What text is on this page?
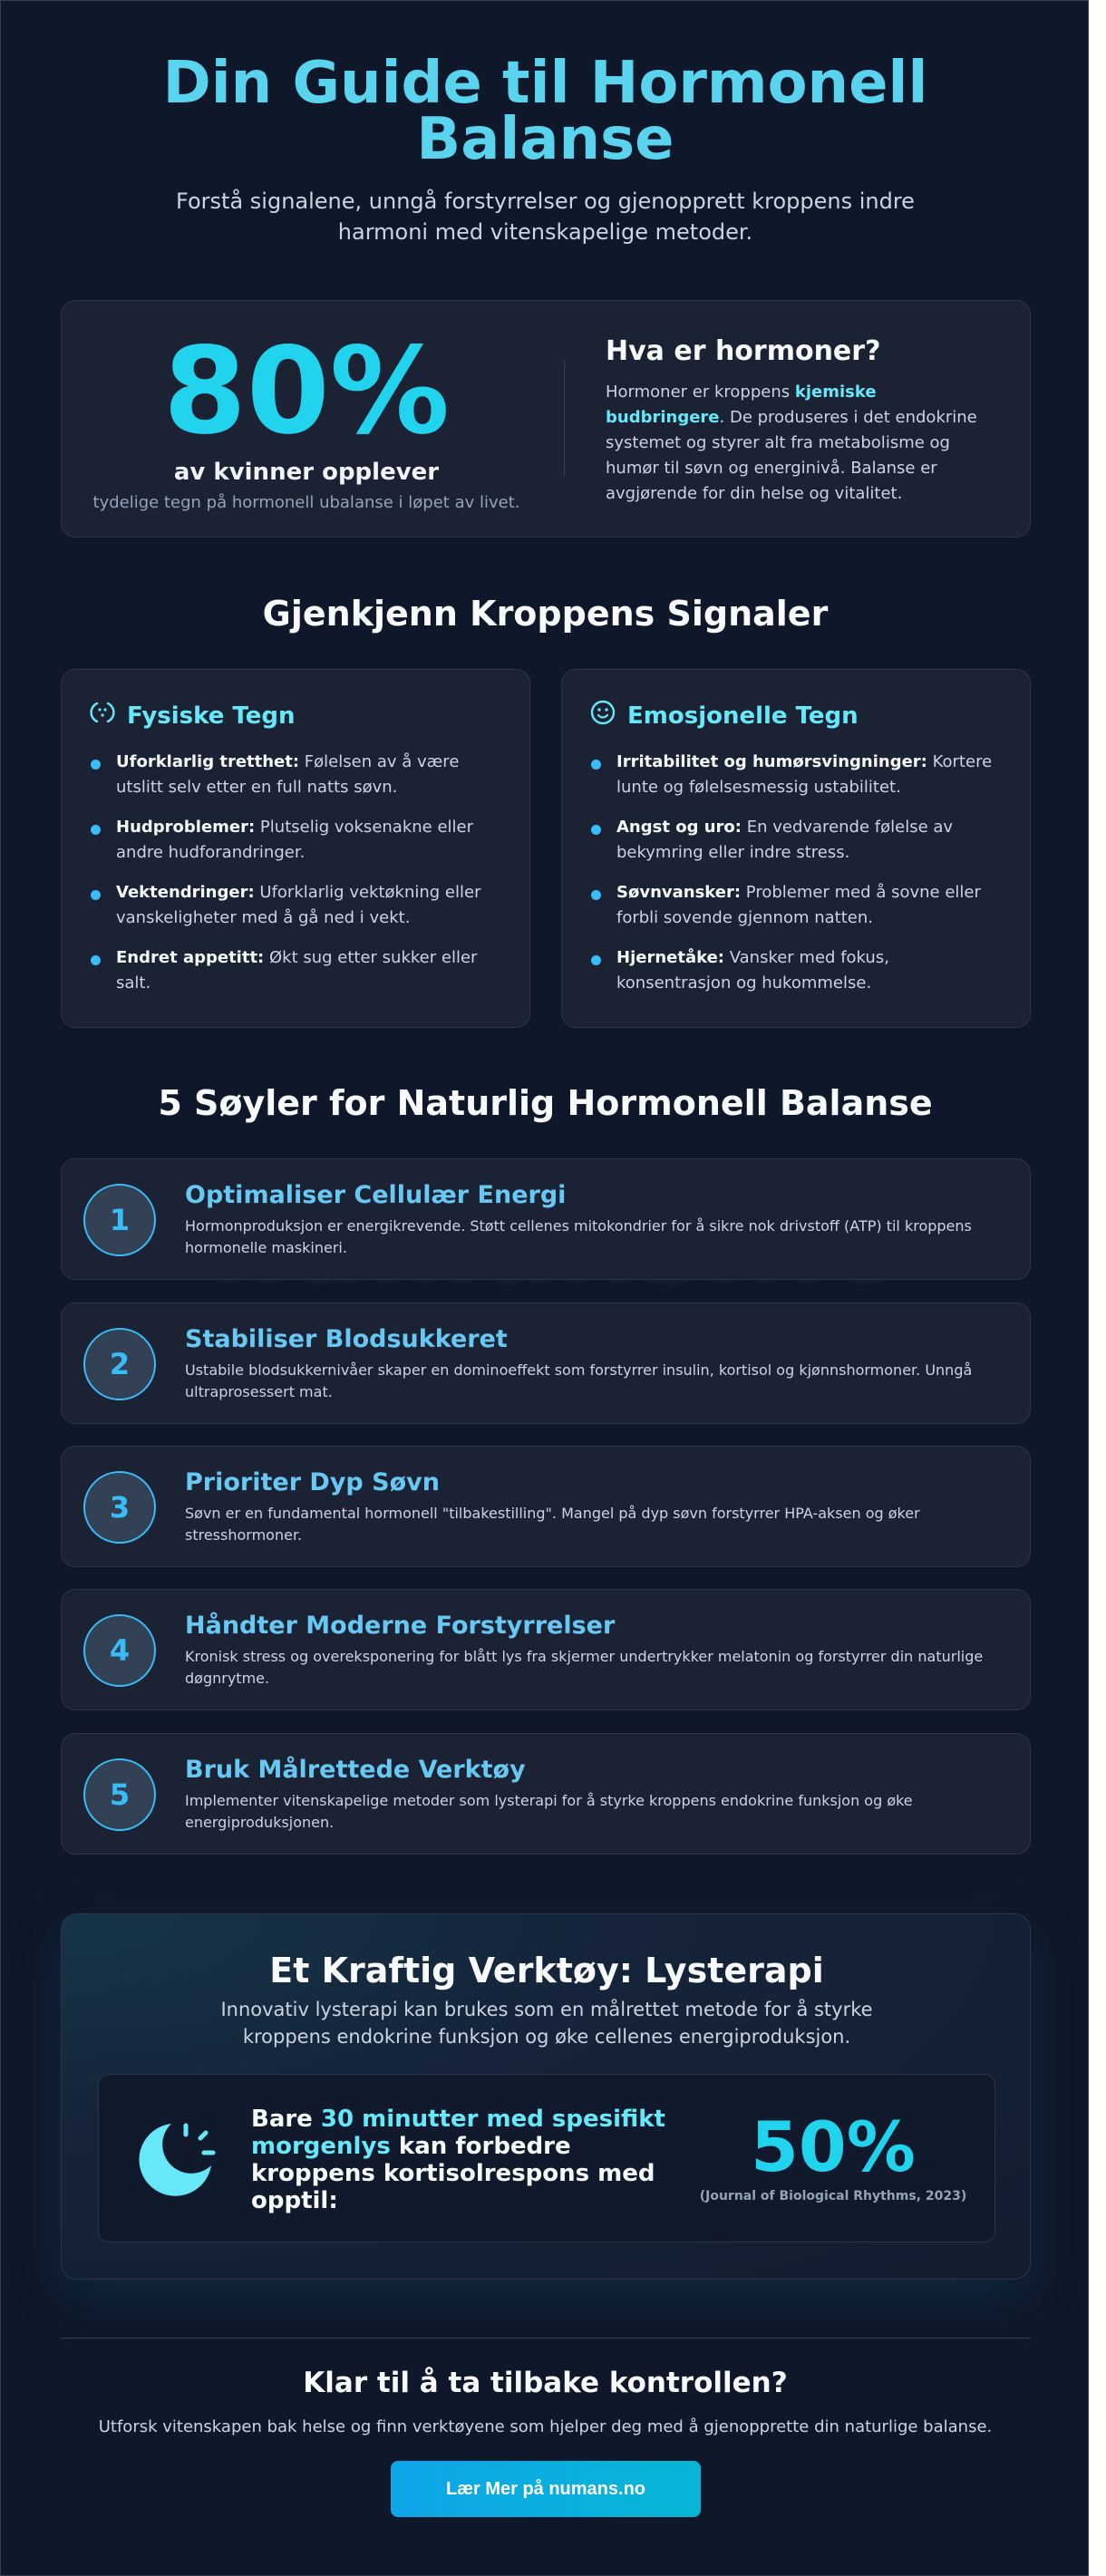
Din Guide til Hormonell Balanse

Forstå signalene, unngå forstyrrelser og gjenopprett kroppens indre harmoni med vitenskapelige metoder.

80%
av kvinner opplever
tydelige tegn på hormonell ubalanse i løpet av livet.
Hva er hormoner?

Hormoner er kroppens kjemiske budbringere. De produseres i det endokrine systemet og styrer alt fra metabolisme og humør til søvn og energinivå. Balanse er avgjørende for din helse og vitalitet.

Gjenkjenn Kroppens Signaler
Fysiske Tegn
Uforklarlig tretthet: Følelsen av å være utslitt selv etter en full natts søvn.
Hudproblemer: Plutselig voksenakne eller andre hudforandringer.
Vektendringer: Uforklarlig vektøkning eller vanskeligheter med å gå ned i vekt.
Endret appetitt: Økt sug etter sukker eller salt.
Emosjonelle Tegn
Irritabilitet og humørsvingninger: Kortere lunte og følelsesmessig ustabilitet.
Angst og uro: En vedvarende følelse av bekymring eller indre stress.
Søvnvansker: Problemer med å sovne eller forbli sovende gjennom natten.
Hjernetåke: Vansker med fokus, konsentrasjon og hukommelse.
5 Søyler for Naturlig Hormonell Balanse
1
Optimaliser Cellulær Energi

Hormonproduksjon er energikrevende. Støtt cellenes mitokondrier for å sikre nok drivstoff (ATP) til kroppens hormonelle maskineri.

2
Stabiliser Blodsukkeret

Ustabile blodsukkernivåer skaper en dominoeffekt som forstyrrer insulin, kortisol og kjønnshormoner. Unngå ultraprosessert mat.

3
Prioriter Dyp Søvn

Søvn er en fundamental hormonell "tilbakestilling". Mangel på dyp søvn forstyrrer HPA-aksen og øker stresshormoner.

4
Håndter Moderne Forstyrrelser

Kronisk stress og overeksponering for blått lys fra skjermer undertrykker melatonin og forstyrrer din naturlige døgnrytme.

5
Bruk Målrettede Verktøy

Implementer vitenskapelige metoder som lysterapi for å styrke kroppens endokrine funksjon og øke energiproduksjonen.

Et Kraftig Verktøy: Lysterapi

Innovativ lysterapi kan brukes som en målrettet metode for å styrke kroppens endokrine funksjon og øke cellenes energiproduksjon.

Bare 30 minutter med spesifikt morgenlys kan forbedre kroppens kortisolrespons med opptil:
50%
(Journal of Biological Rhythms, 2023)
Klar til å ta tilbake kontrollen?

Utforsk vitenskapen bak helse og finn verktøyene som hjelper deg med å gjenopprette din naturlige balanse.

Lær Mer på numans.no
